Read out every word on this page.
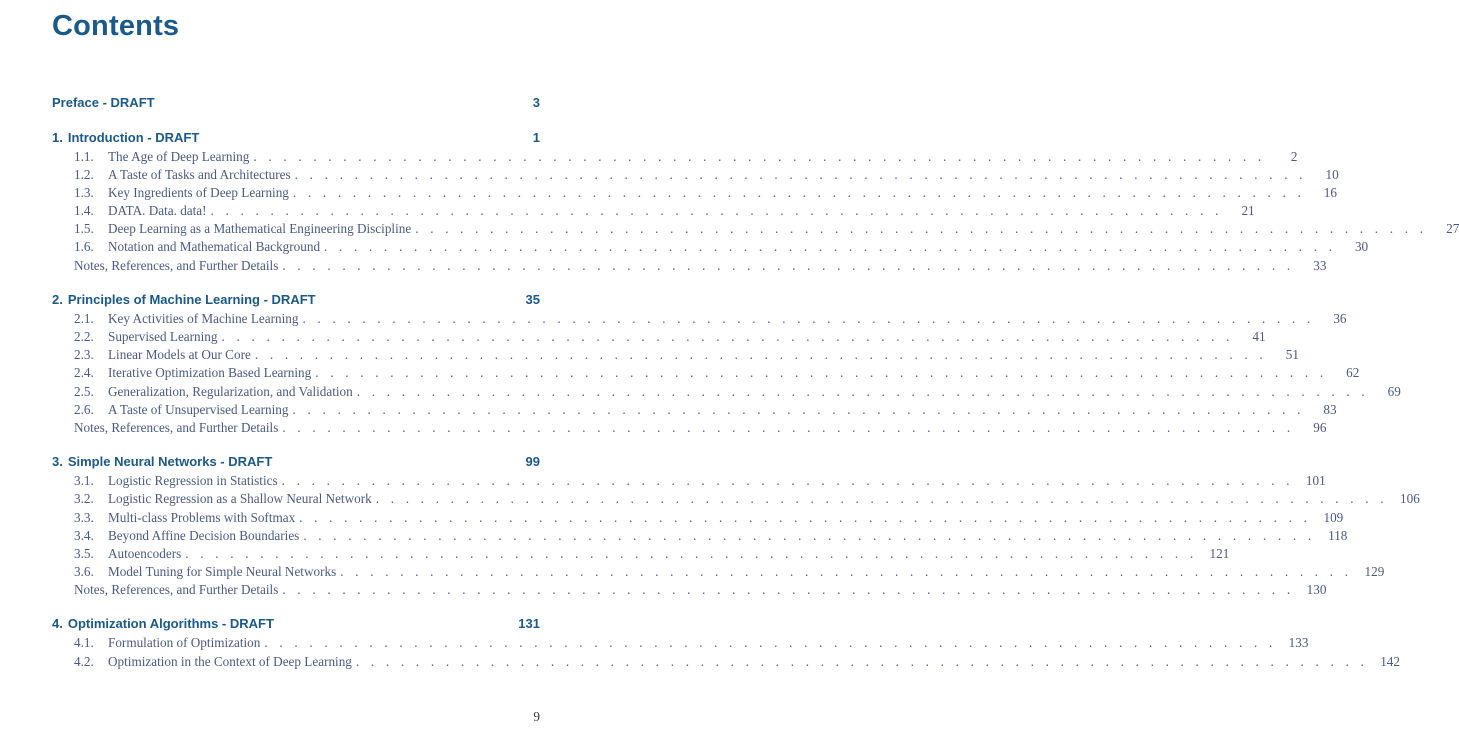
Contents
Preface - DRAFT	3
1. Introduction - DRAFT	1
1.1.	The Age of Deep Learning . . .	2
1.2.	A Taste of Tasks and Architectures . . .	10
1.3.	Key Ingredients of Deep Learning . . .	16
1.4.	DATA. Data. data! . . .	21
1.5.	Deep Learning as a Mathematical Engineering Discipline . . .	27
1.6.	Notation and Mathematical Background . . .	30
Notes, References, and Further Details . . .	33
2. Principles of Machine Learning - DRAFT	35
2.1.	Key Activities of Machine Learning . . .	36
2.2.	Supervised Learning . . .	41
2.3.	Linear Models at Our Core . . .	51
2.4.	Iterative Optimization Based Learning . . .	62
2.5.	Generalization, Regularization, and Validation . . .	69
2.6.	A Taste of Unsupervised Learning . . .	83
Notes, References, and Further Details . . .	96
3. Simple Neural Networks - DRAFT	99
3.1.	Logistic Regression in Statistics . . .	101
3.2.	Logistic Regression as a Shallow Neural Network . . .	106
3.3.	Multi-class Problems with Softmax . . .	109
3.4.	Beyond Affine Decision Boundaries . . .	118
3.5.	Autoencoders . . .	121
3.6.	Model Tuning for Simple Neural Networks . . .	129
Notes, References, and Further Details . . .	130
4. Optimization Algorithms - DRAFT	131
4.1.	Formulation of Optimization . . .	133
4.2.	Optimization in the Context of Deep Learning . . .	142
9
